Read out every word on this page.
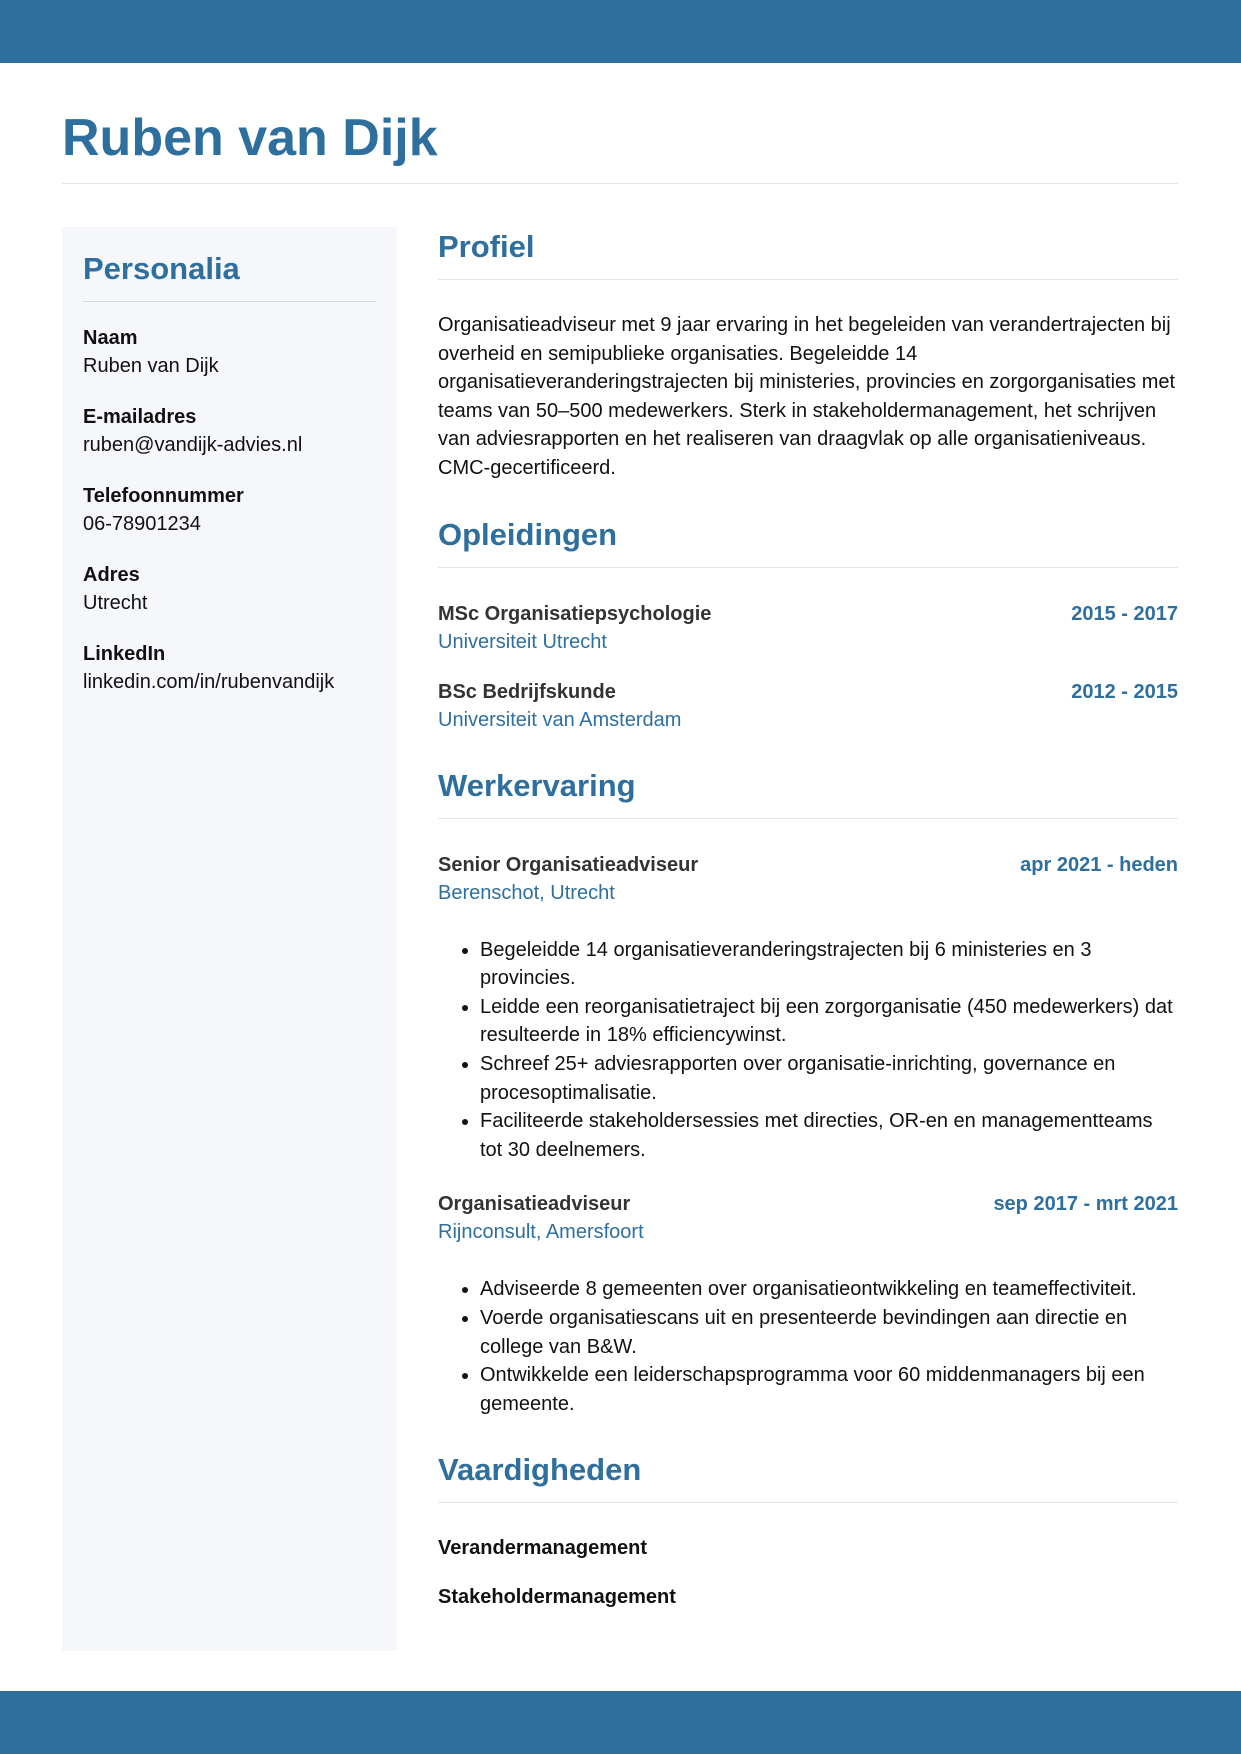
Ruben van Dijk
Personalia
Naam
Ruben van Dijk
E-mailadres
ruben@vandijk-advies.nl
Telefoonnummer
06-78901234
Adres
Utrecht
LinkedIn
linkedin.com/in/rubenvandijk
Profiel

Organisatieadviseur met 9 jaar ervaring in het begeleiden van verandertrajecten bij overheid en semipublieke organisaties. Begeleidde 14 organisatieveranderingstrajecten bij ministeries, provincies en zorgorganisaties met teams van 50–500 medewerkers. Sterk in stakeholdermanagement, het schrijven van adviesrapporten en het realiseren van draagvlak op alle organisatieniveaus. CMC-gecertificeerd.

Opleidingen
MSc Organisatiepsychologie	2015 - 2017
Universiteit Utrecht
BSc Bedrijfskunde	2012 - 2015
Universiteit van Amsterdam
Werkervaring
Senior Organisatieadviseur	apr 2021 - heden
Berenschot, Utrecht
• Begeleidde 14 organisatieveranderingstrajecten bij 6 ministeries en 3 provincies.
• Leidde een reorganisatietraject bij een zorgorganisatie (450 medewerkers) dat resulteerde in 18% efficiencywinst.
• Schreef 25+ adviesrapporten over organisatie-inrichting, governance en procesoptimalisatie.
• Faciliteerde stakeholdersessies met directies, OR-en en managementteams tot 30 deelnemers.
Organisatieadviseur	sep 2017 - mrt 2021
Rijnconsult, Amersfoort
• Adviseerde 8 gemeenten over organisatieontwikkeling en teameffectiviteit.
• Voerde organisatiescans uit en presenteerde bevindingen aan directie en college van B&W.
• Ontwikkelde een leiderschapsprogramma voor 60 middenmanagers bij een gemeente.
Vaardigheden
Verandermanagement
Stakeholdermanagement
